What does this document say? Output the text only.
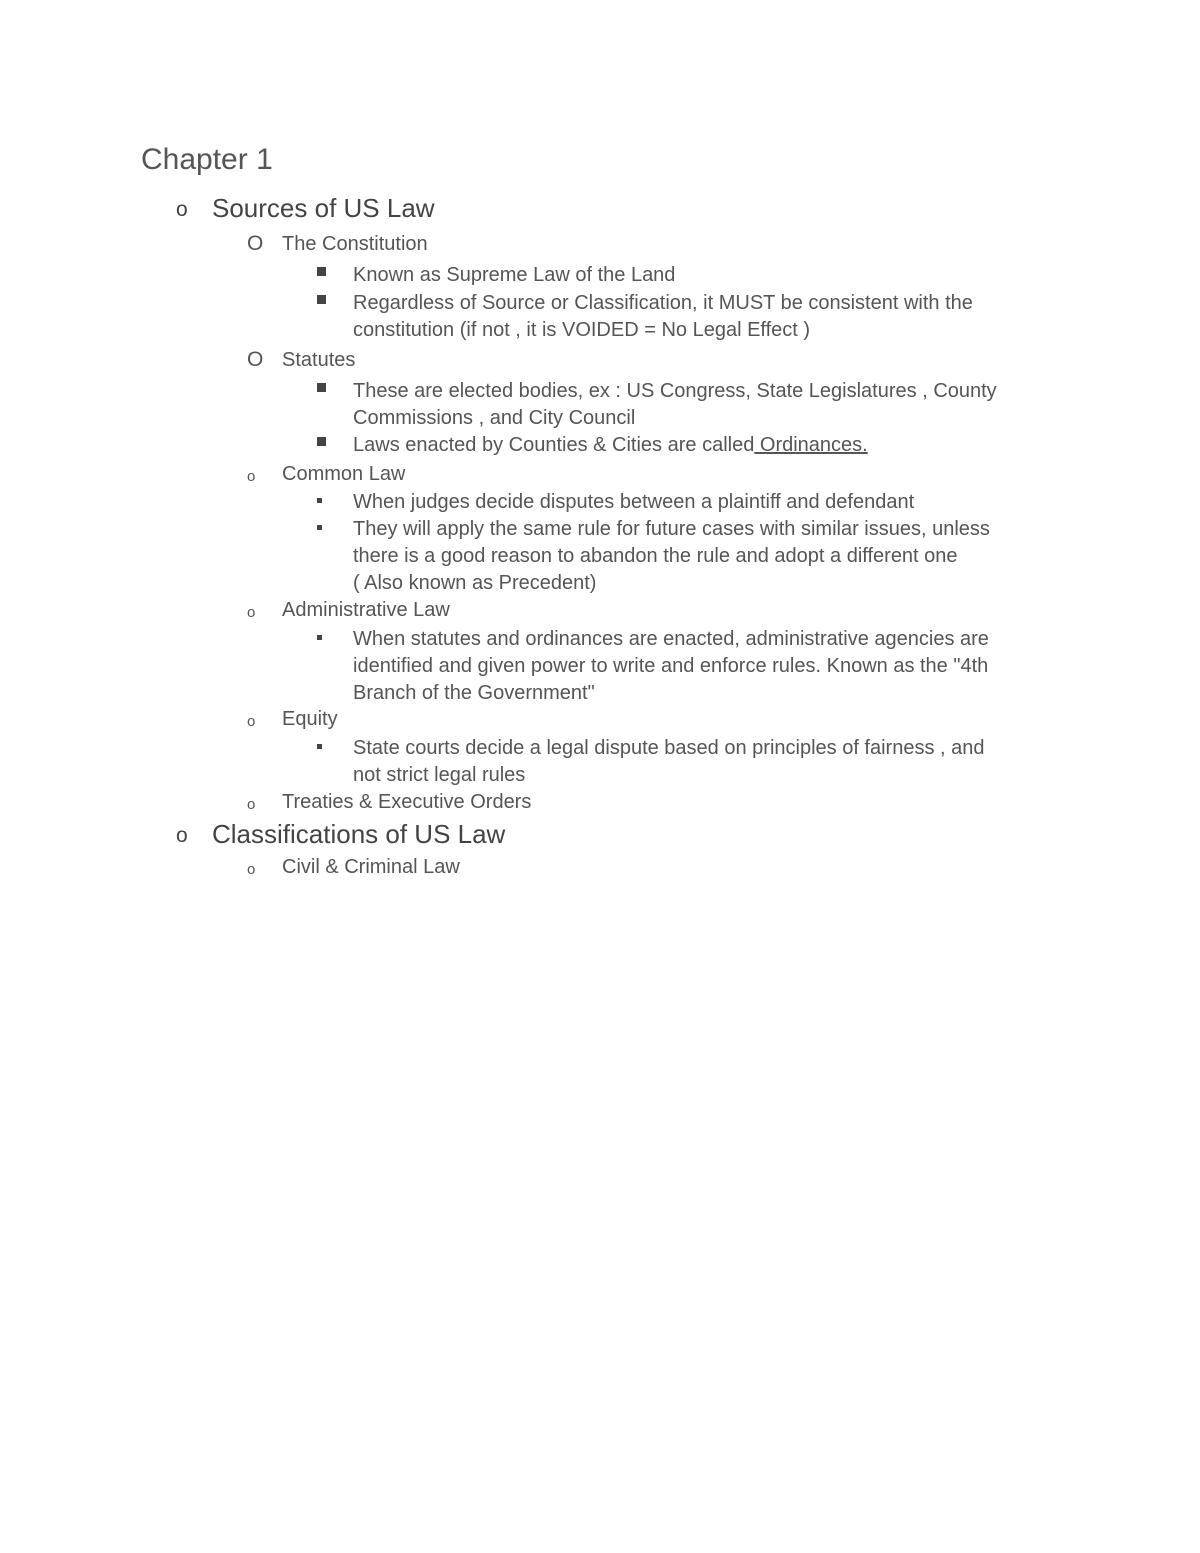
Chapter 1
o Sources of US Law
O The Constitution
Known as Supreme Law of the Land
Regardless of Source or Classification, it MUST be consistent with the
constitution (if not , it is VOIDED = No Legal Effect )
O Statutes
These are elected bodies, ex : US Congress, State Legislatures , County
Commissions , and City Council
Laws enacted by Counties & Cities are called Ordinances.
o Common Law
When judges decide disputes between a plaintiff and defendant
They will apply the same rule for future cases with similar issues, unless
there is a good reason to abandon the rule and adopt a different one
( Also known as Precedent)
o Administrative Law
When statutes and ordinances are enacted, administrative agencies are
identified and given power to write and enforce rules. Known as the "4th
Branch of the Government"
o Equity
State courts decide a legal dispute based on principles of fairness , and
not strict legal rules
o Treaties & Executive Orders
o Classifications of US Law
o Civil & Criminal Law
